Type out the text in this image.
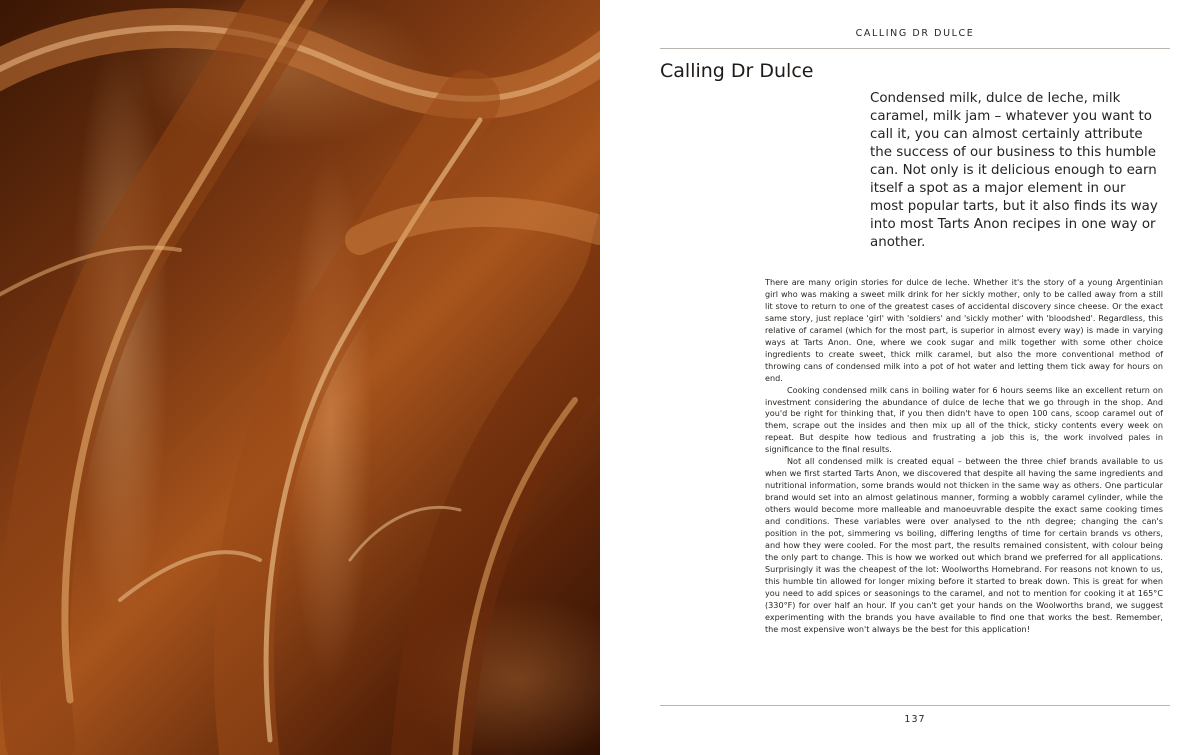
CALLING DR DULCE
Calling Dr Dulce

Condensed milk, dulce de leche, milk caramel, milk jam – whatever you want to call it, you can almost certainly attribute the success of our business to this humble can. Not only is it delicious enough to earn itself a spot as a major element in our most popular tarts, but it also finds its way into most Tarts Anon recipes in one way or another.

There are many origin stories for dulce de leche. Whether it's the story of a young Argentinian girl who was making a sweet milk drink for her sickly mother, only to be called away from a still lit stove to return to one of the greatest cases of accidental discovery since cheese. Or the exact same story, just replace 'girl' with 'soldiers' and 'sickly mother' with 'bloodshed'. Regardless, this relative of caramel (which for the most part, is superior in almost every way) is made in varying ways at Tarts Anon. One, where we cook sugar and milk together with some other choice ingredients to create sweet, thick milk caramel, but also the more conventional method of throwing cans of condensed milk into a pot of hot water and letting them tick away for hours on end.

Cooking condensed milk cans in boiling water for 6 hours seems like an excellent return on investment considering the abundance of dulce de leche that we go through in the shop. And you'd be right for thinking that, if you then didn't have to open 100 cans, scoop caramel out of them, scrape out the insides and then mix up all of the thick, sticky contents every week on repeat. But despite how tedious and frustrating a job this is, the work involved pales in significance to the final results.

Not all condensed milk is created equal – between the three chief brands available to us when we first started Tarts Anon, we discovered that despite all having the same ingredients and nutritional information, some brands would not thicken in the same way as others. One particular brand would set into an almost gelatinous manner, forming a wobbly caramel cylinder, while the others would become more malleable and manoeuvrable despite the exact same cooking times and conditions. These variables were over analysed to the nth degree; changing the can's position in the pot, simmering vs boiling, differing lengths of time for certain brands vs others, and how they were cooled. For the most part, the results remained consistent, with colour being the only part to change. This is how we worked out which brand we preferred for all applications. Surprisingly it was the cheapest of the lot: Woolworths Homebrand. For reasons not known to us, this humble tin allowed for longer mixing before it started to break down. This is great for when you need to add spices or seasonings to the caramel, and not to mention for cooking it at 165°C (330°F) for over half an hour. If you can't get your hands on the Woolworths brand, we suggest experimenting with the brands you have available to find one that works the best. Remember, the most expensive won't always be the best for this application!

137
